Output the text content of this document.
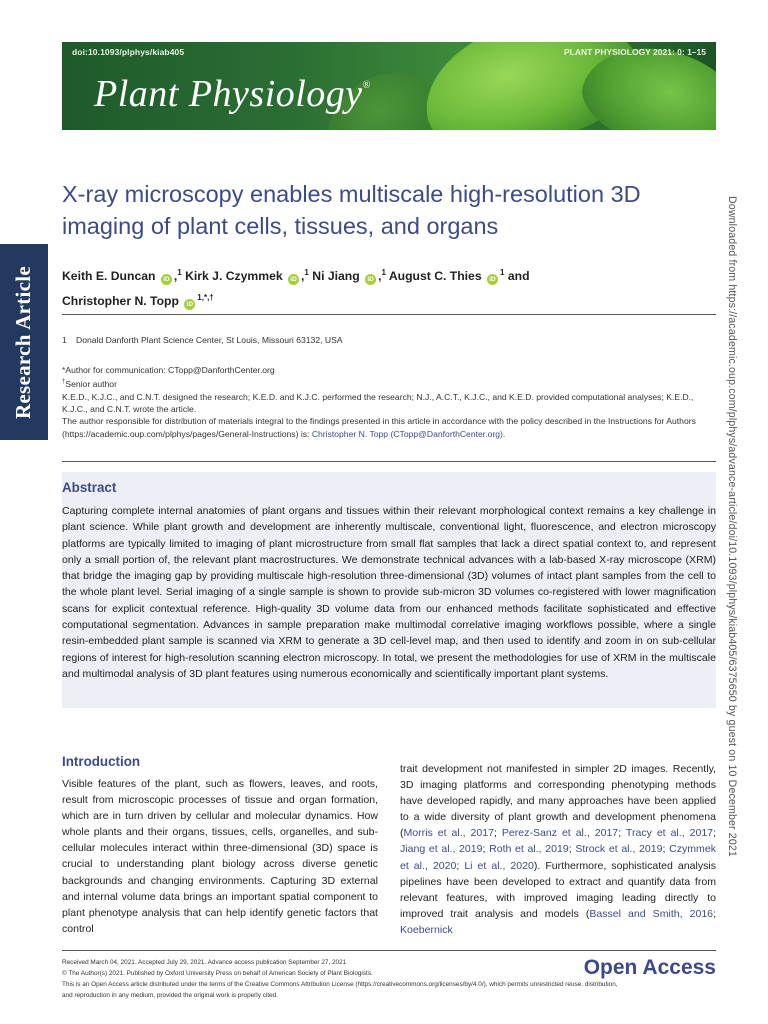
doi:10.1093/plphys/kiab405	PLANT PHYSIOLOGY 2021: 0: 1–15
Plant Physiology®
Research Article	Downloaded from https://academic.oup.com/plphys/advance-article/doi/10.1093/plphys/kiab405/6375650 by guest on 10 December 2021
X-ray microscopy enables multiscale high-resolution 3D imaging of plant cells, tissues, and organs
Keith E. Duncan iD ,$^1$ Kirk J. Czymmek iD ,$^1$ Ni Jiang iD ,$^1$ August C. Thies $iD^1$ and
Christopher N. Topp $iD^{1,*,\dagger}$
1 Donald Danforth Plant Science Center, St Louis, Missouri 63132, USA

*Author for communication: CTopp@DanforthCenter.org

†Senior author

K.E.D., K.J.C., and C.N.T. designed the research; K.E.D. and K.J.C. performed the research; N.J., A.C.T., K.J.C., and K.E.D. provided computational analyses; K.E.D., K.J.C., and C.N.T. wrote the article.

The author responsible for distribution of materials integral to the findings presented in this article in accordance with the policy described in the Instructions for Authors (https://academic.oup.com/plphys/pages/General-Instructions) is: Christopher N. Topp (CTopp@DanforthCenter.org).

Abstract

Capturing complete internal anatomies of plant organs and tissues within their relevant morphological context remains a key challenge in plant science. While plant growth and development are inherently multiscale, conventional light, fluorescence, and electron microscopy platforms are typically limited to imaging of plant microstructure from small flat samples that lack a direct spatial context to, and represent only a small portion of, the relevant plant macrostructures. We demonstrate technical advances with a lab-based X-ray microscope (XRM) that bridge the imaging gap by providing multiscale high-resolution three-dimensional (3D) volumes of intact plant samples from the cell to the whole plant level. Serial imaging of a single sample is shown to provide sub-micron 3D volumes co-registered with lower magnification scans for explicit contextual reference. High-quality 3D volume data from our enhanced methods facilitate sophisticated and effective computational segmentation. Advances in sample preparation make multimodal correlative imaging workflows possible, where a single resin-embedded plant sample is scanned via XRM to generate a 3D cell-level map, and then used to identify and zoom in on sub-cellular regions of interest for high-resolution scanning electron microscopy. In total, we present the methodologies for use of XRM in the multiscale and multimodal analysis of 3D plant features using numerous economically and scientifically important plant systems.

Introduction

Visible features of the plant, such as flowers, leaves, and roots, result from microscopic processes of tissue and organ formation, which are in turn driven by cellular and molecular dynamics. How whole plants and their organs, tissues, cells, organelles, and sub-cellular molecules interact within three-dimensional (3D) space is crucial to understanding plant biology across diverse genetic backgrounds and changing environments. Capturing 3D external and internal volume data brings an important spatial component to plant phenotype analysis that can help identify genetic factors that control

trait development not manifested in simpler 2D images. Recently, 3D imaging platforms and corresponding phenotyping methods have developed rapidly, and many approaches have been applied to a wide diversity of plant growth and development phenomena (Morris et al., 2017; Perez-Sanz et al., 2017; Tracy et al., 2017; Jiang et al., 2019; Roth et al., 2019; Strock et al., 2019; Czymmek et al., 2020; Li et al., 2020). Furthermore, sophisticated analysis pipelines have been developed to extract and quantify data from relevant features, with improved imaging leading directly to improved trait analysis and models (Bassel and Smith, 2016; Koebernick

Received March 04, 2021. Accepted July 29, 2021. Advance access publication September 27, 2021

© The Author(s) 2021. Published by Oxford University Press on behalf of American Society of Plant Biologists.

This is an Open Access article distributed under the terms of the Creative Commons Attribution License (https://creativecommons.org/licenses/by/4.0/), which permits unrestricted reuse, distribution,

and reproduction in any medium, provided the original work is properly cited.

Open Access
